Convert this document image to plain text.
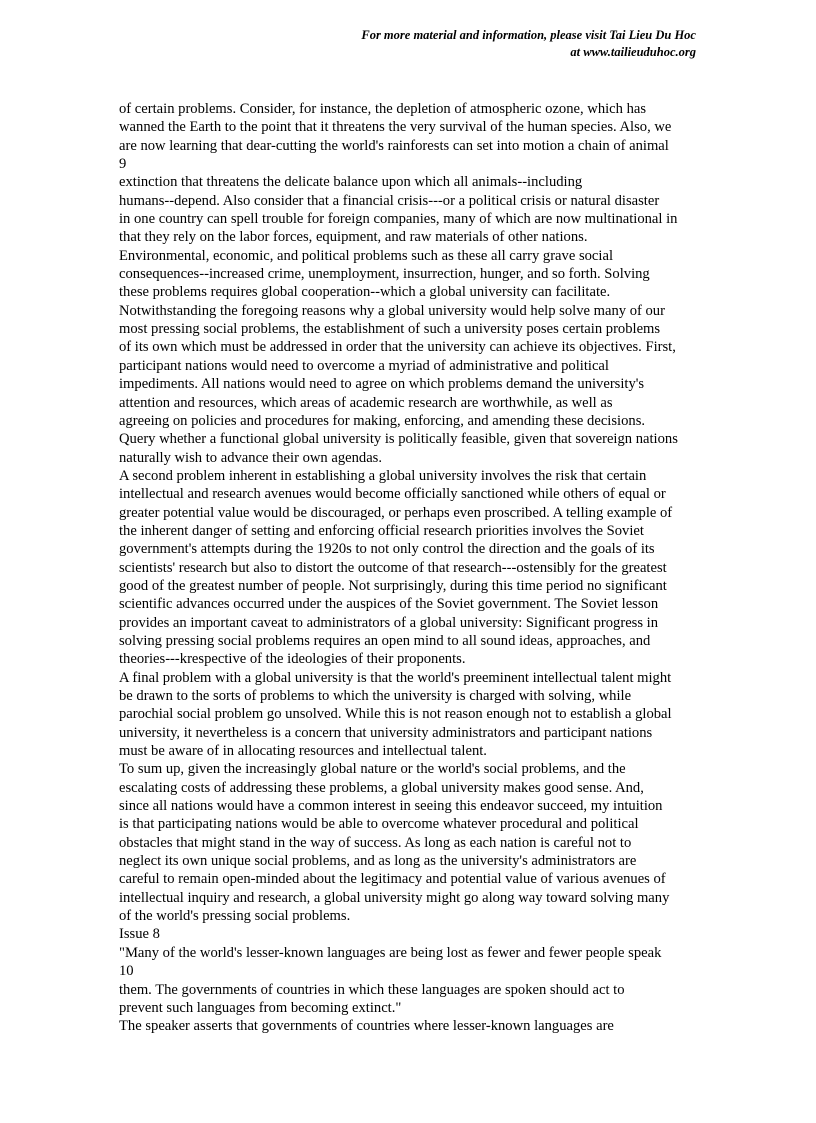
For more material and information, please visit Tai Lieu Du Hoc
at www.tailieuduhoc.org
of certain problems. Consider, for instance, the depletion of atmospheric ozone, which has
wanned the Earth to the point that it threatens the very survival of the human species. Also, we
are now learning that dear-cutting the world's rainforests can set into motion a chain of animal
9
extinction that threatens the delicate balance upon which all animals--including
humans--depend. Also consider that a financial crisis---or a political crisis or natural disaster
in one country can spell trouble for foreign companies, many of which are now multinational in
that they rely on the labor forces, equipment, and raw materials of other nations.
Environmental, economic, and political problems such as these all carry grave social
consequences--increased crime, unemployment, insurrection, hunger, and so forth. Solving
these problems requires global cooperation--which a global university can facilitate.
Notwithstanding the foregoing reasons why a global university would help solve many of our
most pressing social problems, the establishment of such a university poses certain problems
of its own which must be addressed in order that the university can achieve its objectives. First,
participant nations would need to overcome a myriad of administrative and political
impediments. All nations would need to agree on which problems demand the university's
attention and resources, which areas of academic research are worthwhile, as well as
agreeing on policies and procedures for making, enforcing, and amending these decisions.
Query whether a functional global university is politically feasible, given that sovereign nations
naturally wish to advance their own agendas.
A second problem inherent in establishing a global university involves the risk that certain
intellectual and research avenues would become officially sanctioned while others of equal or
greater potential value would be discouraged, or perhaps even proscribed. A telling example of
the inherent danger of setting and enforcing official research priorities involves the Soviet
government's attempts during the 1920s to not only control the direction and the goals of its
scientists' research but also to distort the outcome of that research---ostensibly for the greatest
good of the greatest number of people. Not surprisingly, during this time period no significant
scientific advances occurred under the auspices of the Soviet government. The Soviet lesson
provides an important caveat to administrators of a global university: Significant progress in
solving pressing social problems requires an open mind to all sound ideas, approaches, and
theories---krespective of the ideologies of their proponents.
A final problem with a global university is that the world's preeminent intellectual talent might
be drawn to the sorts of problems to which the university is charged with solving, while
parochial social problem go unsolved. While this is not reason enough not to establish a global
university, it nevertheless is a concern that university administrators and participant nations
must be aware of in allocating resources and intellectual talent.
To sum up, given the increasingly global nature or the world's social problems, and the
escalating costs of addressing these problems, a global university makes good sense. And,
since all nations would have a common interest in seeing this endeavor succeed, my intuition
is that participating nations would be able to overcome whatever procedural and political
obstacles that might stand in the way of success. As long as each nation is careful not to
neglect its own unique social problems, and as long as the university's administrators are
careful to remain open-minded about the legitimacy and potential value of various avenues of
intellectual inquiry and research, a global university might go along way toward solving many
of the world's pressing social problems.
Issue 8
"Many of the world's lesser-known languages are being lost as fewer and fewer people speak
10
them. The governments of countries in which these languages are spoken should act to
prevent such languages from becoming extinct."
The speaker asserts that governments of countries where lesser-known languages are
